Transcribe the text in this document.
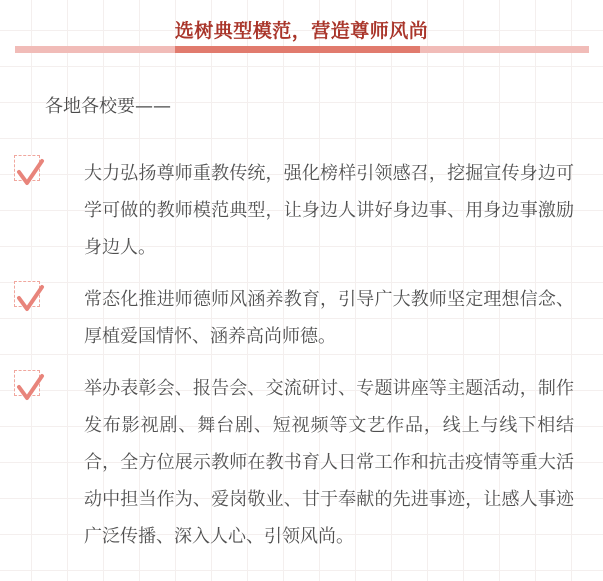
选树典型模范，营造尊师风尚
各地各校要——

大力弘扬尊师重教传统，强化榜样引领感召，挖掘宣传身边可学可做的教师模范典型，让身边人讲好身边事、用身边事激励身边人。

常态化推进师德师风涵养教育，引导广大教师坚定理想信念、厚植爱国情怀、涵养高尚师德。

举办表彰会、报告会、交流研讨、专题讲座等主题活动，制作发布影视剧、舞台剧、短视频等文艺作品，线上与线下相结合，全方位展示教师在教书育人日常工作和抗击疫情等重大活动中担当作为、爱岗敬业、甘于奉献的先进事迹，让感人事迹广泛传播、深入人心、引领风尚。
